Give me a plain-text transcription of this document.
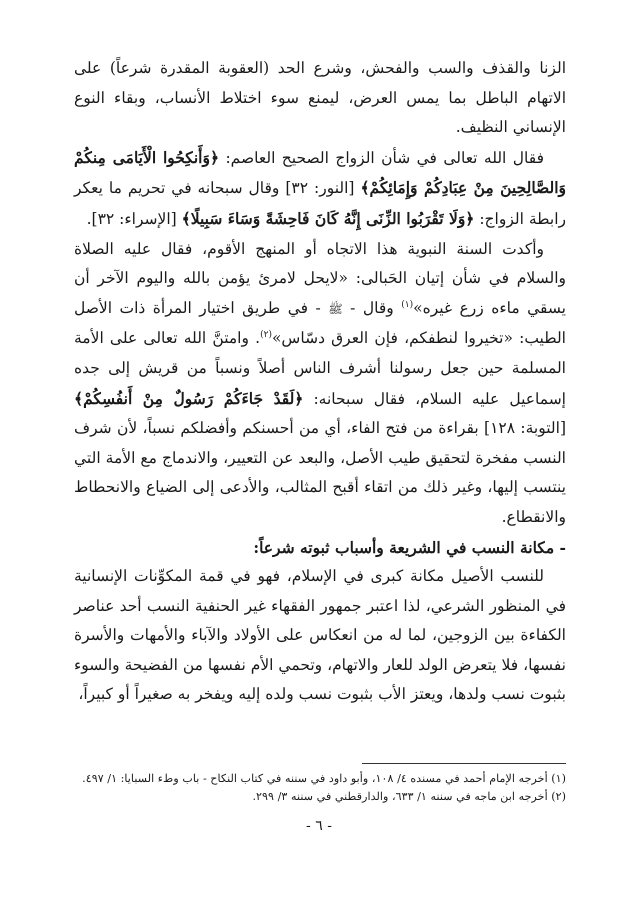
الزنا والقذف والسب والفحش، وشرع الحد (العقوبة المقدرة شرعاً) على الاتهام الباطل بما يمس العرض، ليمنع سوء اختلاط الأنساب، وبقاء النوع الإنساني النظيف.

فقال الله تعالى في شأن الزواج الصحيح العاصم: ﴿وَأَنكِحُوا الْأَيَامَى مِنكُمْ وَالصَّالِحِينَ مِنْ عِبَادِكُمْ وَإِمَائِكُمْ﴾ [النور: ٣٢] وقال سبحانه في تحريم ما يعكر رابطة الزواج: ﴿وَلَا تَقْرَبُوا الزِّنَى إِنَّهُ كَانَ فَاحِشَةً وَسَاءَ سَبِيلًا﴾ [الإسراء: ٣٢].

وأكدت السنة النبوية هذا الاتجاه أو المنهج الأقوم، فقال عليه الصلاة والسلام في شأن إتيان الحَبالى: «لايحل لامرئ يؤمن بالله واليوم الآخر أن يسقي ماءه زرع غيره»$^{(١)}$ وقال - ﷺ - في طريق اختيار المرأة ذات الأصل الطيب: «تخيروا لنطفكم، فإن العرق دسّاس»$^{(٢)}$. وامتنَّ الله تعالى على الأمة المسلمة حين جعل رسولنا أشرف الناس أصلاً ونسباً من قريش إلى جده إسماعيل عليه السلام، فقال سبحانه: ﴿لَقَدْ جَاءَكُمْ رَسُولٌ مِنْ أَنفُسِكُمْ﴾ [التوبة: ١٢٨] بقراءة من فتح الفاء، أي من أحسنكم وأفضلكم نسباً، لأن شرف النسب مفخرة لتحقيق طيب الأصل، والبعد عن التعيير، والاندماج مع الأمة التي ينتسب إليها، وغير ذلك من اتقاء أقبح المثالب، والأدعى إلى الضياع والانحطاط والانقطاع.

- مكانة النسب في الشريعة وأسباب ثبوته شرعاً:

للنسب الأصيل مكانة كبرى في الإسلام، فهو في قمة المكوِّنات الإنسانية في المنظور الشرعي، لذا اعتبر جمهور الفقهاء غير الحنفية النسب أحد عناصر الكفاءة بين الزوجين، لما له من انعكاس على الأولاد والآباء والأمهات والأسرة نفسها، فلا يتعرض الولد للعار والاتهام، وتحمي الأم نفسها من الفضيحة والسوء بثبوت نسب ولدها، ويعتز الأب بثبوت نسب ولده إليه ويفخر به صغيراً أو كبيراً،

(١) أخرجه الإمام أحمد في مسنده ٤/ ١٠٨، وأبو داود في سننه في كتاب النكاح - باب وطء السبايا: ١/ ٤٩٧.

(٢) أخرجه ابن ماجه في سننه ١/ ٦٣٣، والدارقطني في سننه ٣/ ٢٩٩.

- ٦ -
